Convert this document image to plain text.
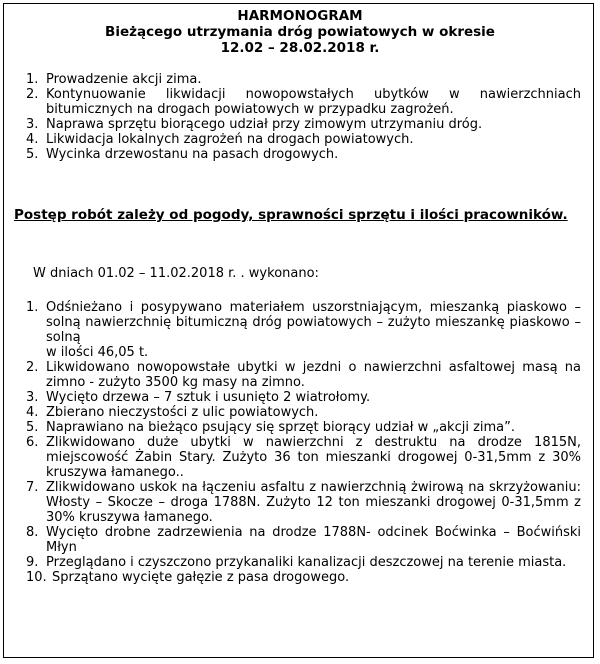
HARMONOGRAM
Bieżącego utrzymania dróg powiatowych w okresie
12.02 – 28.02.2018 r.
1. Prowadzenie akcji zima.
2. Kontynuowanie likwidacji nowopowstałych ubytków w nawierzchniach bitumicznych na drogach powiatowych w przypadku zagrożeń.
3. Naprawa sprzętu biorącego udział przy zimowym utrzymaniu dróg.
4. Likwidacja lokalnych zagrożeń na drogach powiatowych.
5. Wycinka drzewostanu na pasach drogowych.
Postęp robót zależy od pogody, sprawności sprzętu i ilości pracowników.
W dniach 01.02 – 11.02.2018 r. . wykonano:
1. Odśnieżano i posypywano materiałem uszorstniającym, mieszanką piaskowo – solną nawierzchnię bitumiczną dróg powiatowych – zużyto mieszankę piaskowo – solną
w ilości 46,05 t.
2. Likwidowano nowopowstałe ubytki w jezdni o nawierzchni asfaltowej masą na zimno - zużyto 3500 kg masy na zimno.
3. Wycięto drzewa – 7 sztuk i usunięto 2 wiatrołomy.
4. Zbierano nieczystości z ulic powiatowych.
5. Naprawiano na bieżąco psujący się sprzęt biorący udział w „akcji zima”.
6. Zlikwidowano duże ubytki w nawierzchni z destruktu na drodze 1815N, miejscowość Żabin Stary. Zużyto 36 ton mieszanki drogowej 0-31,5mm z 30% kruszywa łamanego..
7. Zlikwidowano uskok na łączeniu asfaltu z nawierzchnią żwirową na skrzyżowaniu: Włosty – Skocze – droga 1788N. Zużyto 12 ton mieszanki drogowej 0-31,5mm z 30% kruszywa łamanego.
8. Wycięto drobne zadrzewienia na drodze 1788N- odcinek Boćwinka – Boćwiński Młyn
9. Przeglądano i czyszczono przykanaliki kanalizacji deszczowej na terenie miasta.
10. Sprzątano wycięte gałęzie z pasa drogowego.
